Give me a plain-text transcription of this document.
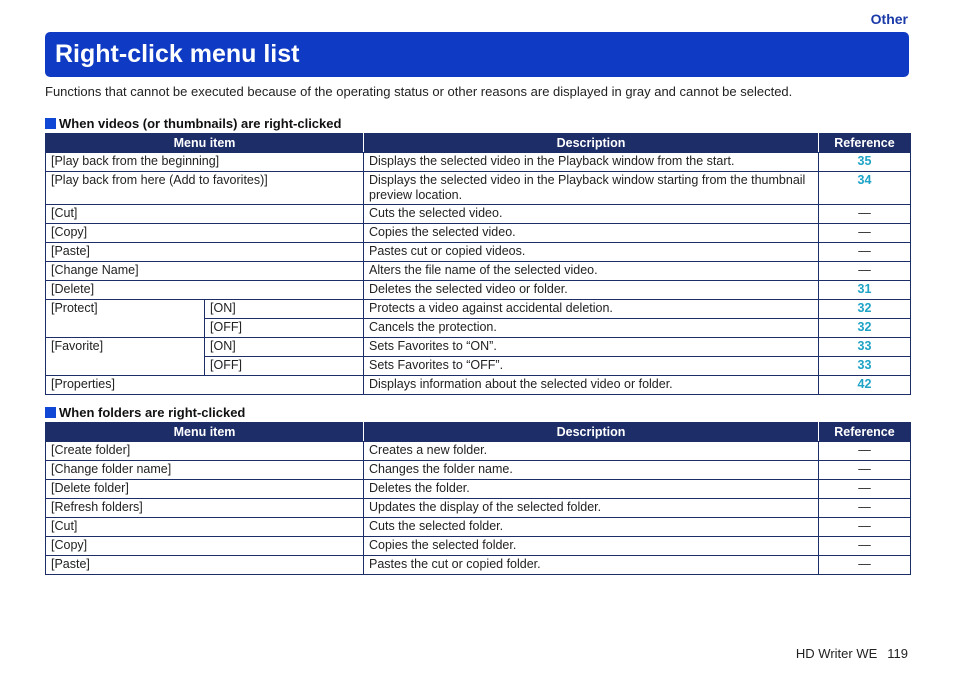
Other
Right-click menu list
Functions that cannot be executed because of the operating status or other reasons are displayed in gray and cannot be selected.
When videos (or thumbnails) are right-clicked
Menu item		Description	Reference
[Play back from the beginning]		Displays the selected video in the Playback window from the start.	35
[Play back from here (Add to favorites)]		Displays the selected video in the Playback window starting from the thumbnail preview location.	34
[Cut]		Cuts the selected video.	—
[Copy]		Copies the selected video.	—
[Paste]		Pastes cut or copied videos.	—
[Change Name]		Alters the file name of the selected video.	—
[Delete]		Deletes the selected video or folder.	31
[Protect]	[ON]	Protects a video against accidental deletion.	32
	[OFF]	Cancels the protection.	32
[Favorite]	[ON]	Sets Favorites to “ON”.	33
	[OFF]	Sets Favorites to “OFF”.	33
[Properties]		Displays information about the selected video or folder.	42
When folders are right-clicked
Menu item	Description	Reference
[Create folder]	Creates a new folder.	—
[Change folder name]	Changes the folder name.	—
[Delete folder]	Deletes the folder.	—
[Refresh folders]	Updates the display of the selected folder.	—
[Cut]	Cuts the selected folder.	—
[Copy]	Copies the selected folder.	—
[Paste]	Pastes the cut or copied folder.	—
HD Writer WE 119
